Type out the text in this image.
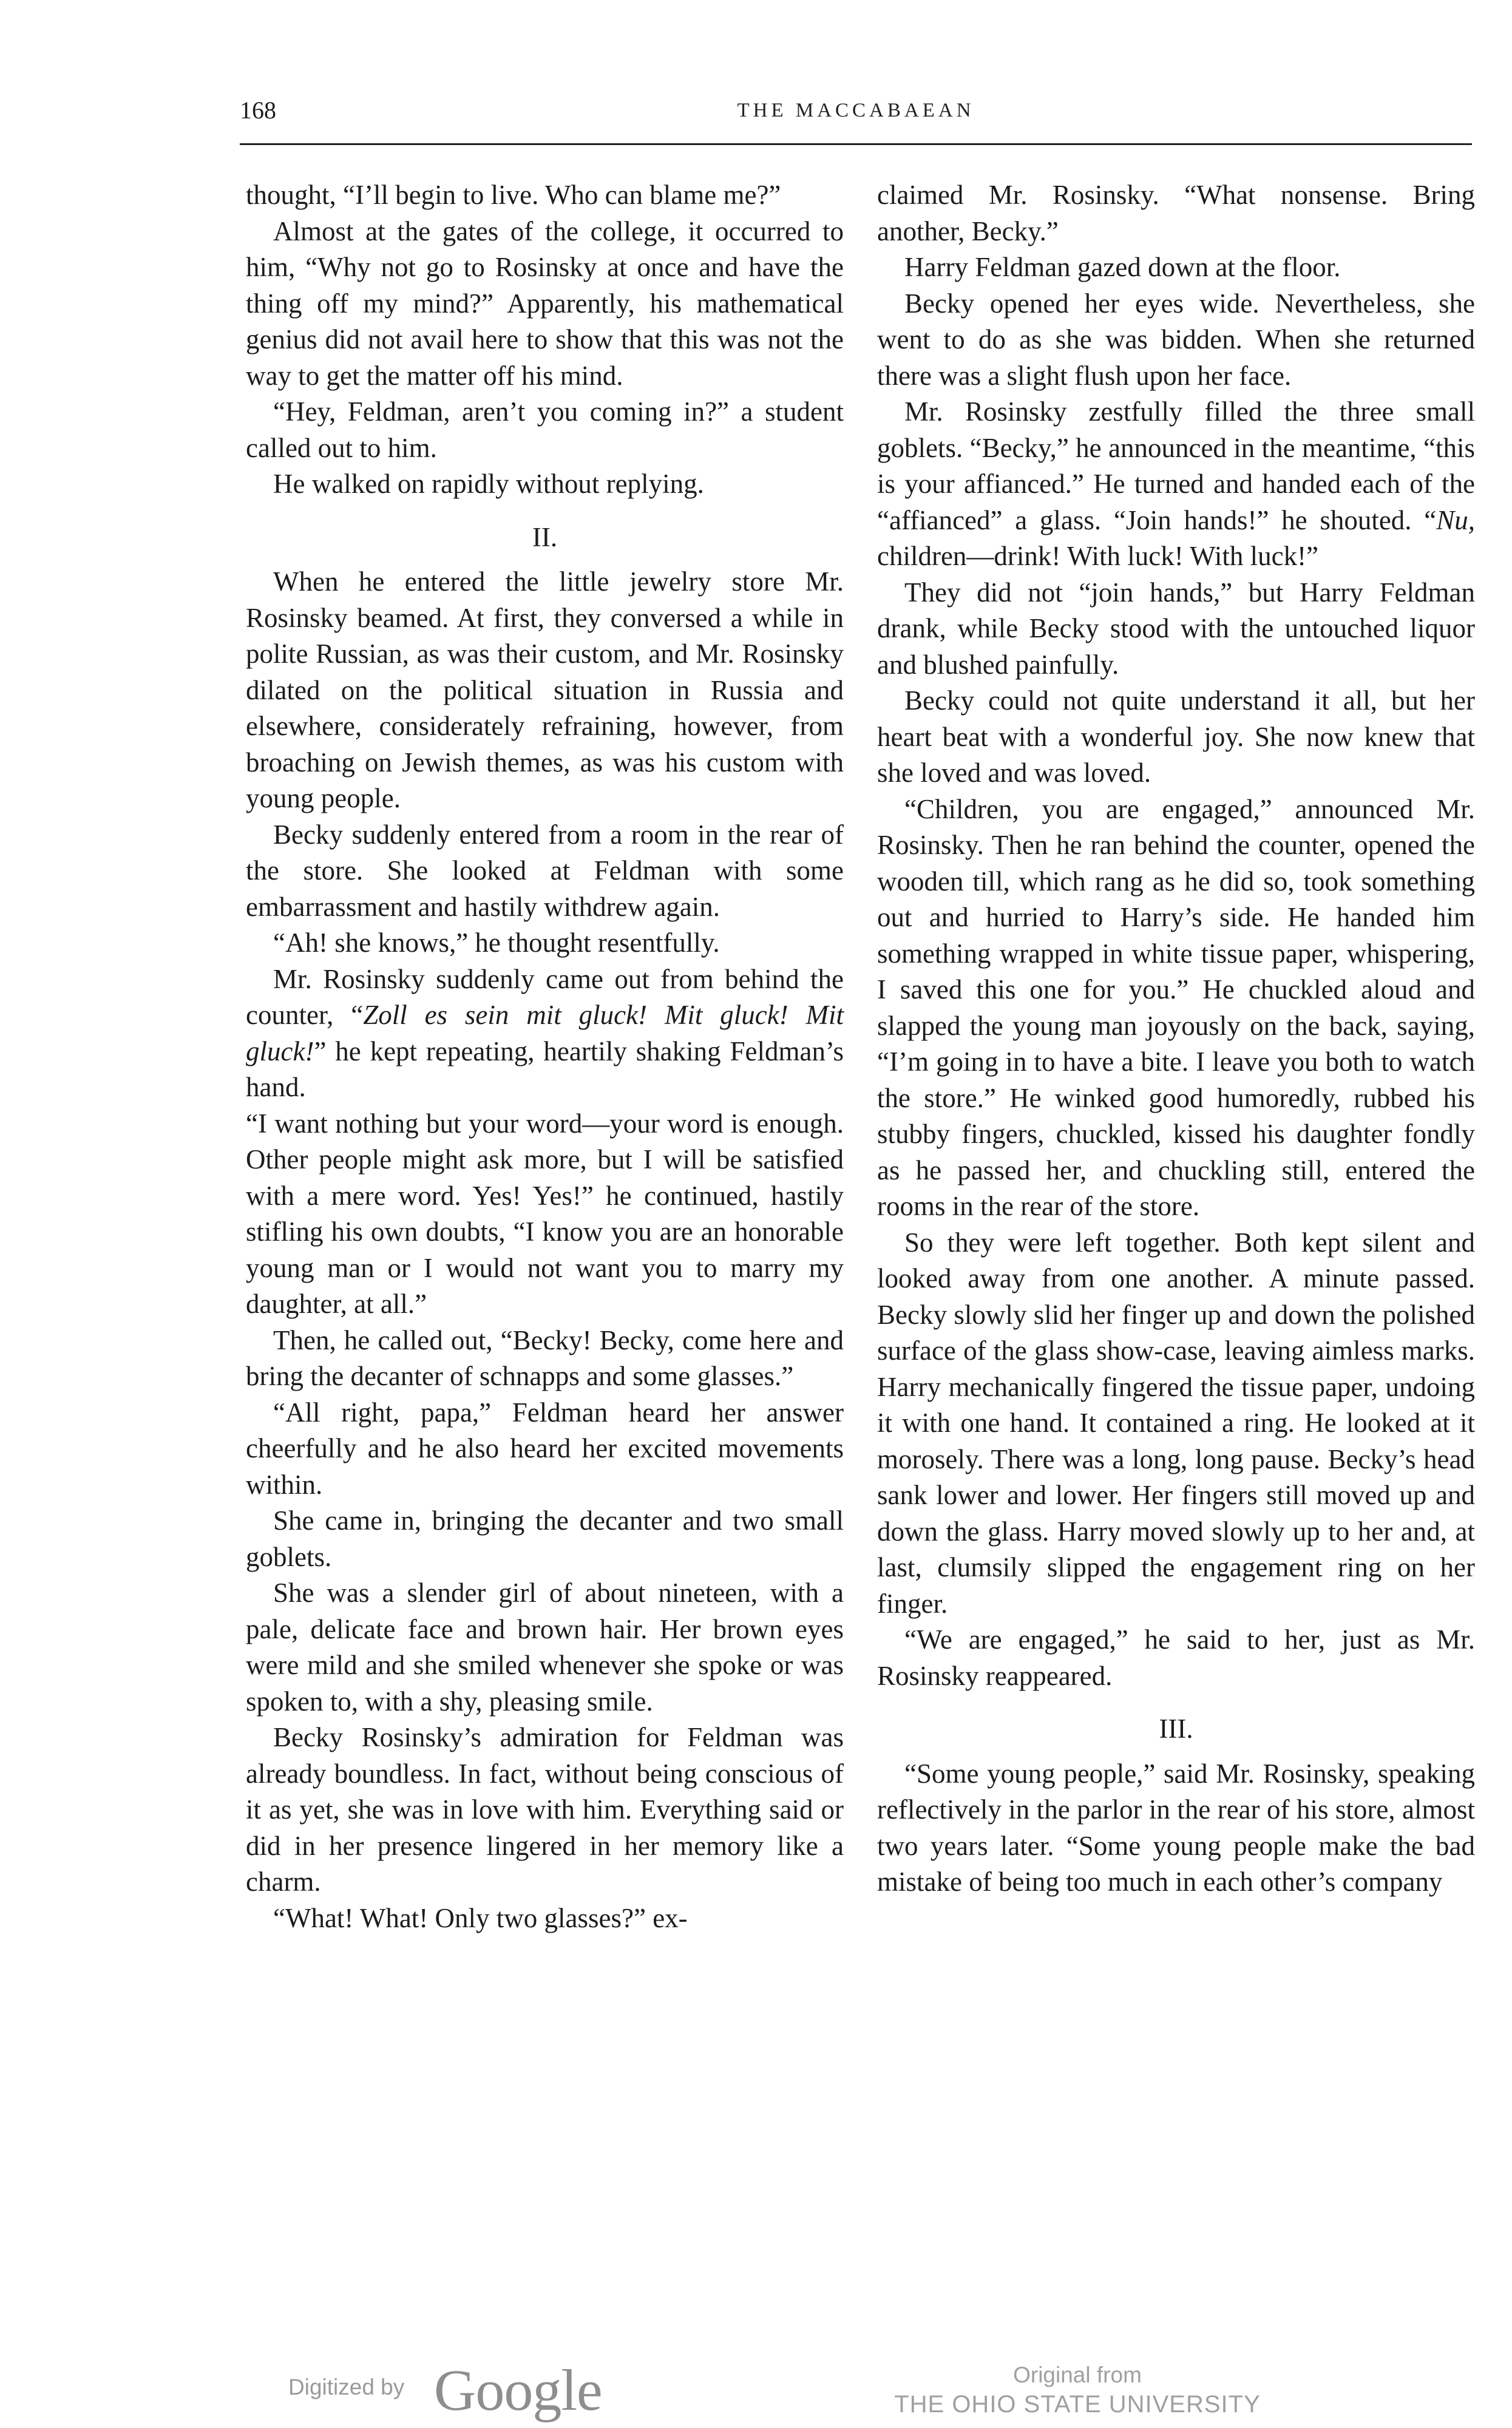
168	THE MACCABAEAN

thought, “I’ll begin to live. Who can blame me?”

Almost at the gates of the college, it occurred to him, “Why not go to Rosinsky at once and have the thing off my mind?” Apparently, his mathematical genius did not avail here to show that this was not the way to get the matter off his mind.

“Hey, Feldman, aren’t you coming in?” a student called out to him.

He walked on rapidly without replying.

II.

When he entered the little jewelry store Mr. Rosinsky beamed. At first, they conversed a while in polite Russian, as was their custom, and Mr. Rosinsky dilated on the political situation in Russia and elsewhere, considerately refraining, however, from broaching on Jewish themes, as was his custom with young people.

Becky suddenly entered from a room in the rear of the store. She looked at Feldman with some embarrassment and hastily withdrew again.

“Ah! she knows,” he thought resentfully.

Mr. Rosinsky suddenly came out from behind the counter, “Zoll es sein mit gluck! Mit gluck! Mit gluck!” he kept repeating, heartily shaking Feldman’s hand.

“I want nothing but your word—your word is enough. Other people might ask more, but I will be satisfied with a mere word. Yes! Yes!” he continued, hastily stifling his own doubts, “I know you are an honorable young man or I would not want you to marry my daughter, at all.”

Then, he called out, “Becky! Becky, come here and bring the decanter of schnapps and some glasses.”

“All right, papa,” Feldman heard her answer cheerfully and he also heard her excited movements within.

She came in, bringing the decanter and two small goblets.

She was a slender girl of about nineteen, with a pale, delicate face and brown hair. Her brown eyes were mild and she smiled whenever she spoke or was spoken to, with a shy, pleasing smile.

Becky Rosinsky’s admiration for Feldman was already boundless. In fact, without being conscious of it as yet, she was in love with him. Everything said or did in her presence lingered in her memory like a charm.

“What! What! Only two glasses?” ex-

claimed Mr. Rosinsky. “What nonsense. Bring another, Becky.”

Harry Feldman gazed down at the floor.

Becky opened her eyes wide. Nevertheless, she went to do as she was bidden. When she returned there was a slight flush upon her face.

Mr. Rosinsky zestfully filled the three small goblets. “Becky,” he announced in the meantime, “this is your affianced.” He turned and handed each of the “affianced” a glass. “Join hands!” he shouted. “Nu, children—drink! With luck! With luck!”

They did not “join hands,” but Harry Feldman drank, while Becky stood with the untouched liquor and blushed painfully.

Becky could not quite understand it all, but her heart beat with a wonderful joy. She now knew that she loved and was loved.

“Children, you are engaged,” announced Mr. Rosinsky. Then he ran behind the counter, opened the wooden till, which rang as he did so, took something out and hurried to Harry’s side. He handed him something wrapped in white tissue paper, whispering, I saved this one for you.” He chuckled aloud and slapped the young man joyously on the back, saying, “I’m going in to have a bite. I leave you both to watch the store.” He winked good humoredly, rubbed his stubby fingers, chuckled, kissed his daughter fondly as he passed her, and chuckling still, entered the rooms in the rear of the store.

So they were left together. Both kept silent and looked away from one another. A minute passed. Becky slowly slid her finger up and down the polished surface of the glass show-case, leaving aimless marks. Harry mechanically fingered the tissue paper, undoing it with one hand. It contained a ring. He looked at it morosely. There was a long, long pause. Becky’s head sank lower and lower. Her fingers still moved up and down the glass. Harry moved slowly up to her and, at last, clumsily slipped the engagement ring on her finger.

“We are engaged,” he said to her, just as Mr. Rosinsky reappeared.

III.

“Some young people,” said Mr. Rosinsky, speaking reflectively in the parlor in the rear of his store, almost two years later. “Some young people make the bad mistake of being too much in each other’s company

Digitized by Google	Original from
THE OHIO STATE UNIVERSITY
